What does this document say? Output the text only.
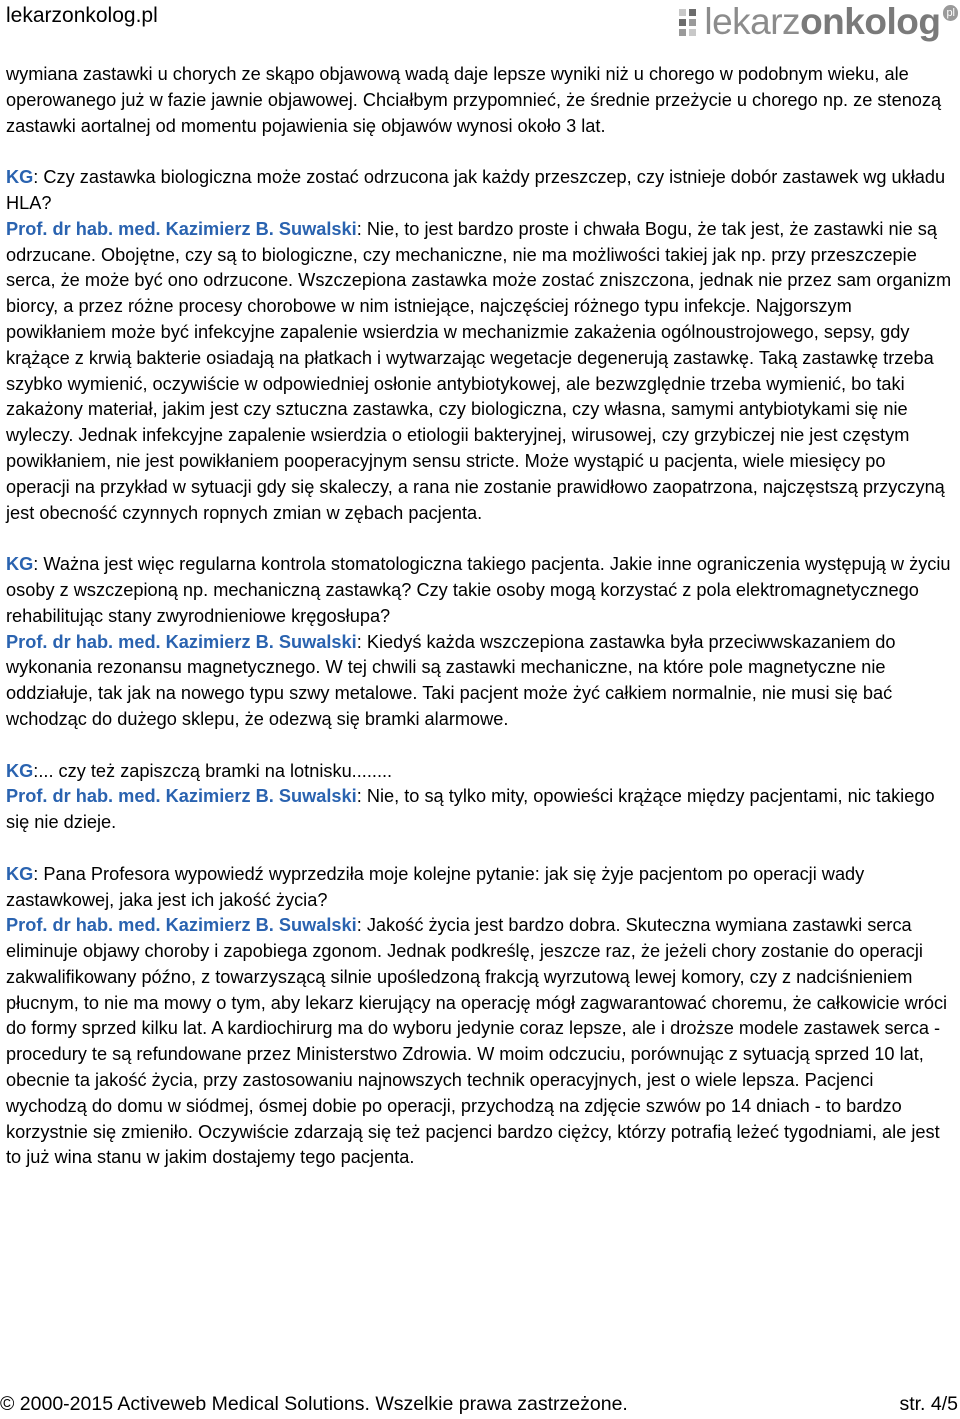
lekarzonkolog.pl	lekarzonkolog pl

wymiana zastawki u chorych ze skąpo objawową wadą daje lepsze wyniki niż u chorego w podobnym wieku, ale operowanego już w fazie jawnie objawowej. Chciałbym przypomnieć, że średnie przeżycie u chorego np. ze stenozą zastawki aortalnej od momentu pojawienia się objawów wynosi około 3 lat.

KG: Czy zastawka biologiczna może zostać odrzucona jak każdy przeszczep, czy istnieje dobór zastawek wg układu HLA?
Prof. dr hab. med. Kazimierz B. Suwalski: Nie, to jest bardzo proste i chwała Bogu, że tak jest, że zastawki nie są odrzucane. Obojętne, czy są to biologiczne, czy mechaniczne, nie ma możliwości takiej jak np. przy przeszczepie serca, że może być ono odrzucone. Wszczepiona zastawka może zostać zniszczona, jednak nie przez sam organizm biorcy, a przez różne procesy chorobowe w nim istniejące, najczęściej różnego typu infekcje. Najgorszym powikłaniem może być infekcyjne zapalenie wsierdzia w mechanizmie zakażenia ogólnoustrojowego, sepsy, gdy krążące z krwią bakterie osiadają na płatkach i wytwarzając wegetacje degenerują zastawkę. Taką zastawkę trzeba szybko wymienić, oczywiście w odpowiedniej osłonie antybiotykowej, ale bezwzględnie trzeba wymienić, bo taki zakażony materiał, jakim jest czy sztuczna zastawka, czy biologiczna, czy własna, samymi antybiotykami się nie wyleczy. Jednak infekcyjne zapalenie wsierdzia o etiologii bakteryjnej, wirusowej, czy grzybiczej nie jest częstym powikłaniem, nie jest powikłaniem pooperacyjnym sensu stricte. Może wystąpić u pacjenta, wiele miesięcy po operacji na przykład w sytuacji gdy się skaleczy, a rana nie zostanie prawidłowo zaopatrzona, najczęstszą przyczyną jest obecność czynnych ropnych zmian w zębach pacjenta.

KG: Ważna jest więc regularna kontrola stomatologiczna takiego pacjenta. Jakie inne ograniczenia występują w życiu osoby z wszczepioną np. mechaniczną zastawką? Czy takie osoby mogą korzystać z pola elektromagnetycznego rehabilitując stany zwyrodnieniowe kręgosłupa?
Prof. dr hab. med. Kazimierz B. Suwalski: Kiedyś każda wszczepiona zastawka była przeciwwskazaniem do wykonania rezonansu magnetycznego. W tej chwili są zastawki mechaniczne, na które pole magnetyczne nie oddziałuje, tak jak na nowego typu szwy metalowe. Taki pacjent może żyć całkiem normalnie, nie musi się bać wchodząc do dużego sklepu, że odezwą się bramki alarmowe.

KG:... czy też zapiszczą bramki na lotnisku........
Prof. dr hab. med. Kazimierz B. Suwalski: Nie, to są tylko mity, opowieści krążące między pacjentami, nic takiego się nie dzieje.

KG: Pana Profesora wypowiedź wyprzedziła moje kolejne pytanie: jak się żyje pacjentom po operacji wady zastawkowej, jaka jest ich jakość życia?
Prof. dr hab. med. Kazimierz B. Suwalski: Jakość życia jest bardzo dobra. Skuteczna wymiana zastawki serca eliminuje objawy choroby i zapobiega zgonom. Jednak podkreślę, jeszcze raz, że jeżeli chory zostanie do operacji zakwalifikowany późno, z towarzyszącą silnie upośledzoną frakcją wyrzutową lewej komory, czy z nadciśnieniem płucnym, to nie ma mowy o tym, aby lekarz kierujący na operację mógł zagwarantować choremu, że całkowicie wróci do formy sprzed kilku lat. A kardiochirurg ma do wyboru jedynie coraz lepsze, ale i droższe modele zastawek serca - procedury te są refundowane przez Ministerstwo Zdrowia. W moim odczuciu, porównując z sytuacją sprzed 10 lat, obecnie ta jakość życia, przy zastosowaniu najnowszych technik operacyjnych, jest o wiele lepsza. Pacjenci wychodzą do domu w siódmej, ósmej dobie po operacji, przychodzą na zdjęcie szwów po 14 dniach - to bardzo korzystnie się zmieniło. Oczywiście zdarzają się też pacjenci bardzo ciężcy, którzy potrafią leżeć tygodniami, ale jest to już wina stanu w jakim dostajemy tego pacjenta.

© 2000-2015 Activeweb Medical Solutions. Wszelkie prawa zastrzeżone.	str. 4/5
